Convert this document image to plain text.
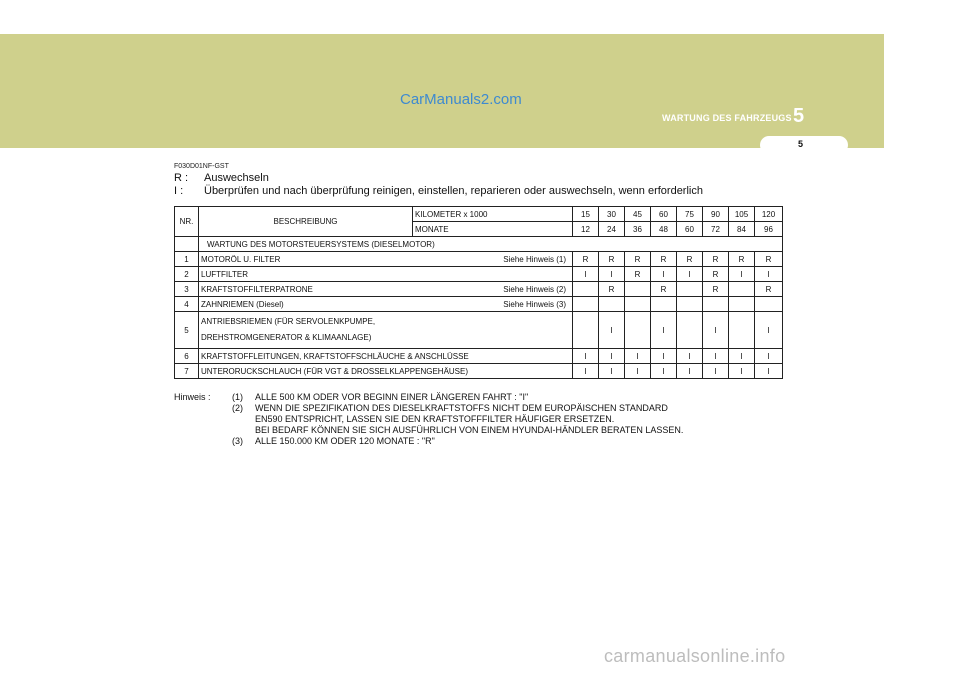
CarManuals2.com
WARTUNG DES FAHRZEUGS 5
5
F030D01NF-GST
R : Auswechseln
I : Überprüfen und nach überprüfung reinigen, einstellen, reparieren oder auswechseln, wenn erforderlich
NR.	BESCHREIBUNG	KILOMETER x 1000	15	30	45	60	75	90	105	120
		MONATE	12	24	36	48	60	72	84	96
	WARTUNG DES MOTORSTEUERSYSTEMS (DIESELMOTOR)									
1	MOTORÖL U. FILTER Siehe Hinweis (1)		R	R	R	R	R	R	R	R
2	LUFTFILTER		I	I	R	I	I	R	I	I
3	KRAFTSTOFFILTERPATRONE Siehe Hinweis (2)			R		R		R		R
4	ZAHNRIEMEN (Diesel) Siehe Hinweis (3)									

5	ANTRIEBSRIEMEN (FÜR SERVOLENKPUMPE,
DREHSTROMGENERATOR & KLIMAANLAGE)			I		I		I		I
6	KRAFTSTOFFLEITUNGEN, KRAFTSTOFFSCHLÄUCHE & ANSCHLÜSSE		I	I	I	I	I	I	I	I
7	UNTERORUCKSCHLAUCH (FÜR VGT & DROSSELKLAPPENGEHÄUSE)		I	I	I	I	I	I	I	I
Hinweis :	(1) ALLE 500 KM ODER VOR BEGINN EINER LÄNGEREN FAHRT : "I"
(2) WENN DIE SPEZIFIKATION DES DIESELKRAFTSTOFFS NICHT DEM EUROPÄISCHEN STANDARD
EN590 ENTSPRICHT, LASSEN SIE DEN KRAFTSTOFFFILTER HÄUFIGER ERSETZEN.
BEI BEDARF KÖNNEN SIE SICH AUSFÜHRLICH VON EINEM HYUNDAI-HÄNDLER BERATEN LASSEN.
(3) ALLE 150.000 KM ODER 120 MONATE : "R"
carmanualsonline.info
